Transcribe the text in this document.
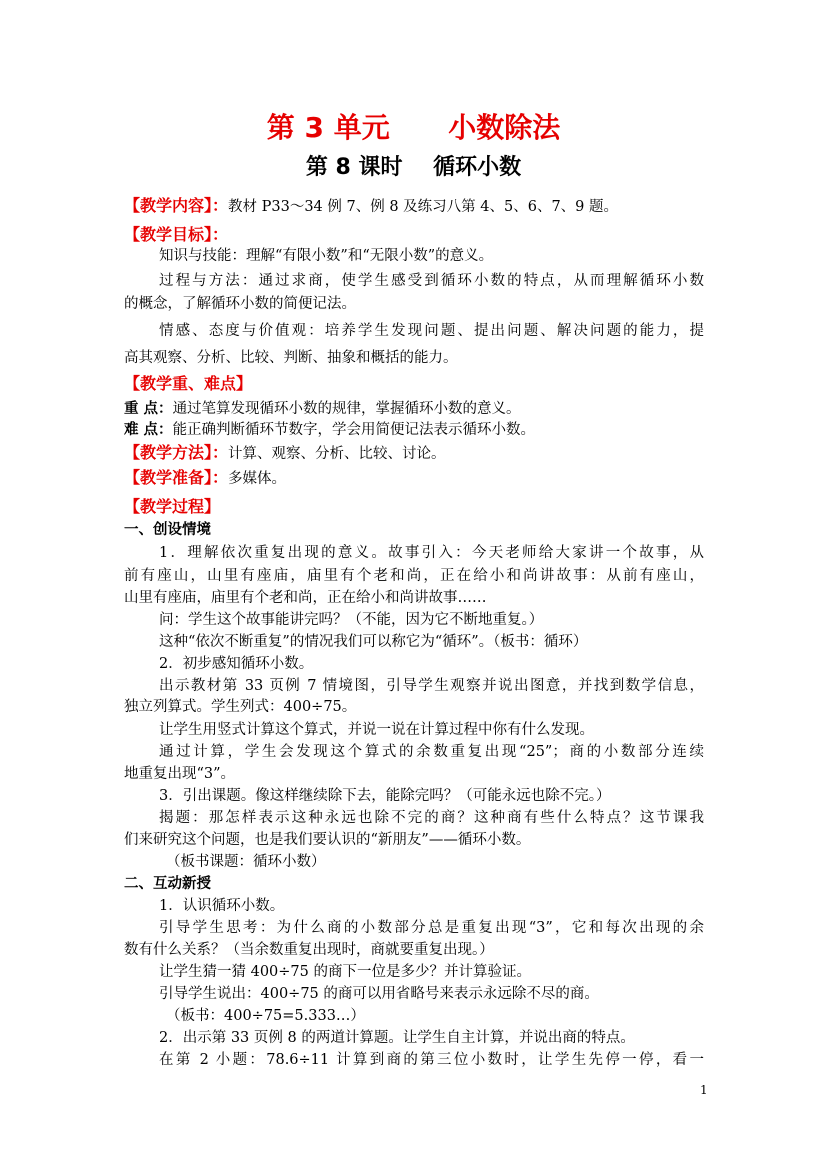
第 3 单元      小数除法
第 8 课时    循环小数
【教学内容】：教材 P33～34 例 7、例 8 及练习八第 4、5、6、7、9 题。
【教学目标】：
知识与技能：理解“有限小数”和“无限小数”的意义。
过程与方法：通过求商，使学生感受到循环小数的特点，从而理解循环小数
的概念，了解循环小数的简便记法。
情感、态度与价值观：培养学生发现问题、提出问题、解决问题的能力，提
高其观察、分析、比较、判断、抽象和概括的能力。
【教学重、难点】
重 点：通过笔算发现循环小数的规律，掌握循环小数的意义。
难 点：能正确判断循环节数字，学会用简便记法表示循环小数。
【教学方法】：计算、观察、分析、比较、讨论。
【教学准备】：多媒体。
【教学过程】
一、创设情境
1．理解依次重复出现的意义。故事引入：今天老师给大家讲一个故事，从
前有座山，山里有座庙，庙里有个老和尚，正在给小和尚讲故事：从前有座山，
山里有座庙，庙里有个老和尚，正在给小和尚讲故事……
问：学生这个故事能讲完吗？（不能，因为它不断地重复。）
这种“依次不断重复”的情况我们可以称它为“循环”。（板书：循环）
2．初步感知循环小数。
出示教材第 33 页例 7 情境图，引导学生观察并说出图意，并找到数学信息，
独立列算式。学生列式：400÷75。
让学生用竖式计算这个算式，并说一说在计算过程中你有什么发现。
通过计算，学生会发现这个算式的余数重复出现“25”；商的小数部分连续
地重复出现“3”。
3．引出课题。像这样继续除下去，能除完吗？（可能永远也除不完。）
揭题：那怎样表示这种永远也除不完的商？这种商有些什么特点？这节课我
们来研究这个问题，也是我们要认识的“新朋友”——循环小数。
（板书课题：循环小数）
二、互动新授
1．认识循环小数。
引导学生思考：为什么商的小数部分总是重复出现“3”，它和每次出现的余
数有什么关系？（当余数重复出现时，商就要重复出现。）
让学生猜一猜 400÷75 的商下一位是多少？并计算验证。
引导学生说出：400÷75 的商可以用省略号来表示永远除不尽的商。
（板书：400÷75=5.333…）
2．出示第 33 页例 8 的两道计算题。让学生自主计算，并说出商的特点。
在第 2 小题：78.6÷11 计算到商的第三位小数时，让学生先停一停，看一
1
